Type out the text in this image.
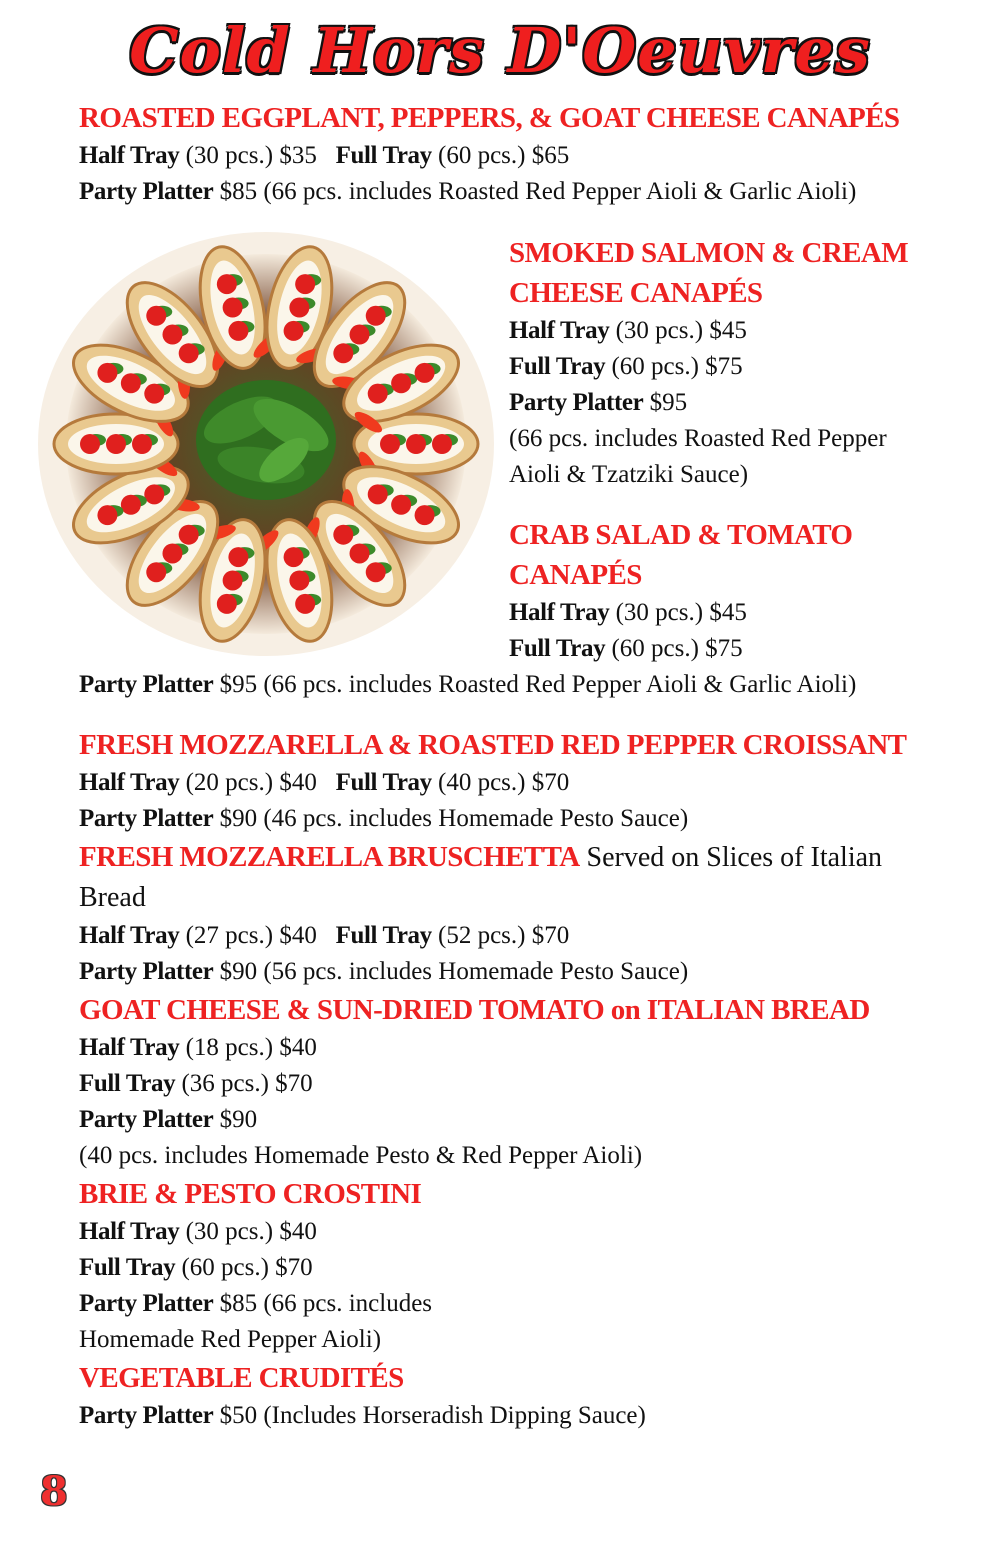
Cold Hors D'Oeuvres
ROASTED EGGPLANT, PEPPERS, & GOAT CHEESE CANAPÉS
Half Tray (30 pcs.) $35 Full Tray (60 pcs.) $65
Party Platter $85 (66 pcs. includes Roasted Red Pepper Aioli & Garlic Aioli)
SMOKED SALMON & CREAM
CHEESE CANAPÉS
Half Tray (30 pcs.) $45
Full Tray (60 pcs.) $75
Party Platter $95
(66 pcs. includes Roasted Red Pepper
Aioli & Tzatziki Sauce)
CRAB SALAD & TOMATO
CANAPÉS
Half Tray (30 pcs.) $45
Full Tray (60 pcs.) $75
Party Platter $95 (66 pcs. includes Roasted Red Pepper Aioli & Garlic Aioli)
FRESH MOZZARELLA & ROASTED RED PEPPER CROISSANT
Half Tray (20 pcs.) $40 Full Tray (40 pcs.) $70
Party Platter $90 (46 pcs. includes Homemade Pesto Sauce)
FRESH MOZZARELLA BRUSCHETTA Served on Slices of Italian
Bread
Half Tray (27 pcs.) $40 Full Tray (52 pcs.) $70
Party Platter $90 (56 pcs. includes Homemade Pesto Sauce)
GOAT CHEESE & SUN-DRIED TOMATO on ITALIAN BREAD
Half Tray (18 pcs.) $40
Full Tray (36 pcs.) $70
Party Platter $90
(40 pcs. includes Homemade Pesto & Red Pepper Aioli)
BRIE & PESTO CROSTINI
Half Tray (30 pcs.) $40
Full Tray (60 pcs.) $70
Party Platter $85 (66 pcs. includes
Homemade Red Pepper Aioli)
VEGETABLE CRUDITÉS
Party Platter $50 (Includes Horseradish Dipping Sauce)
8
